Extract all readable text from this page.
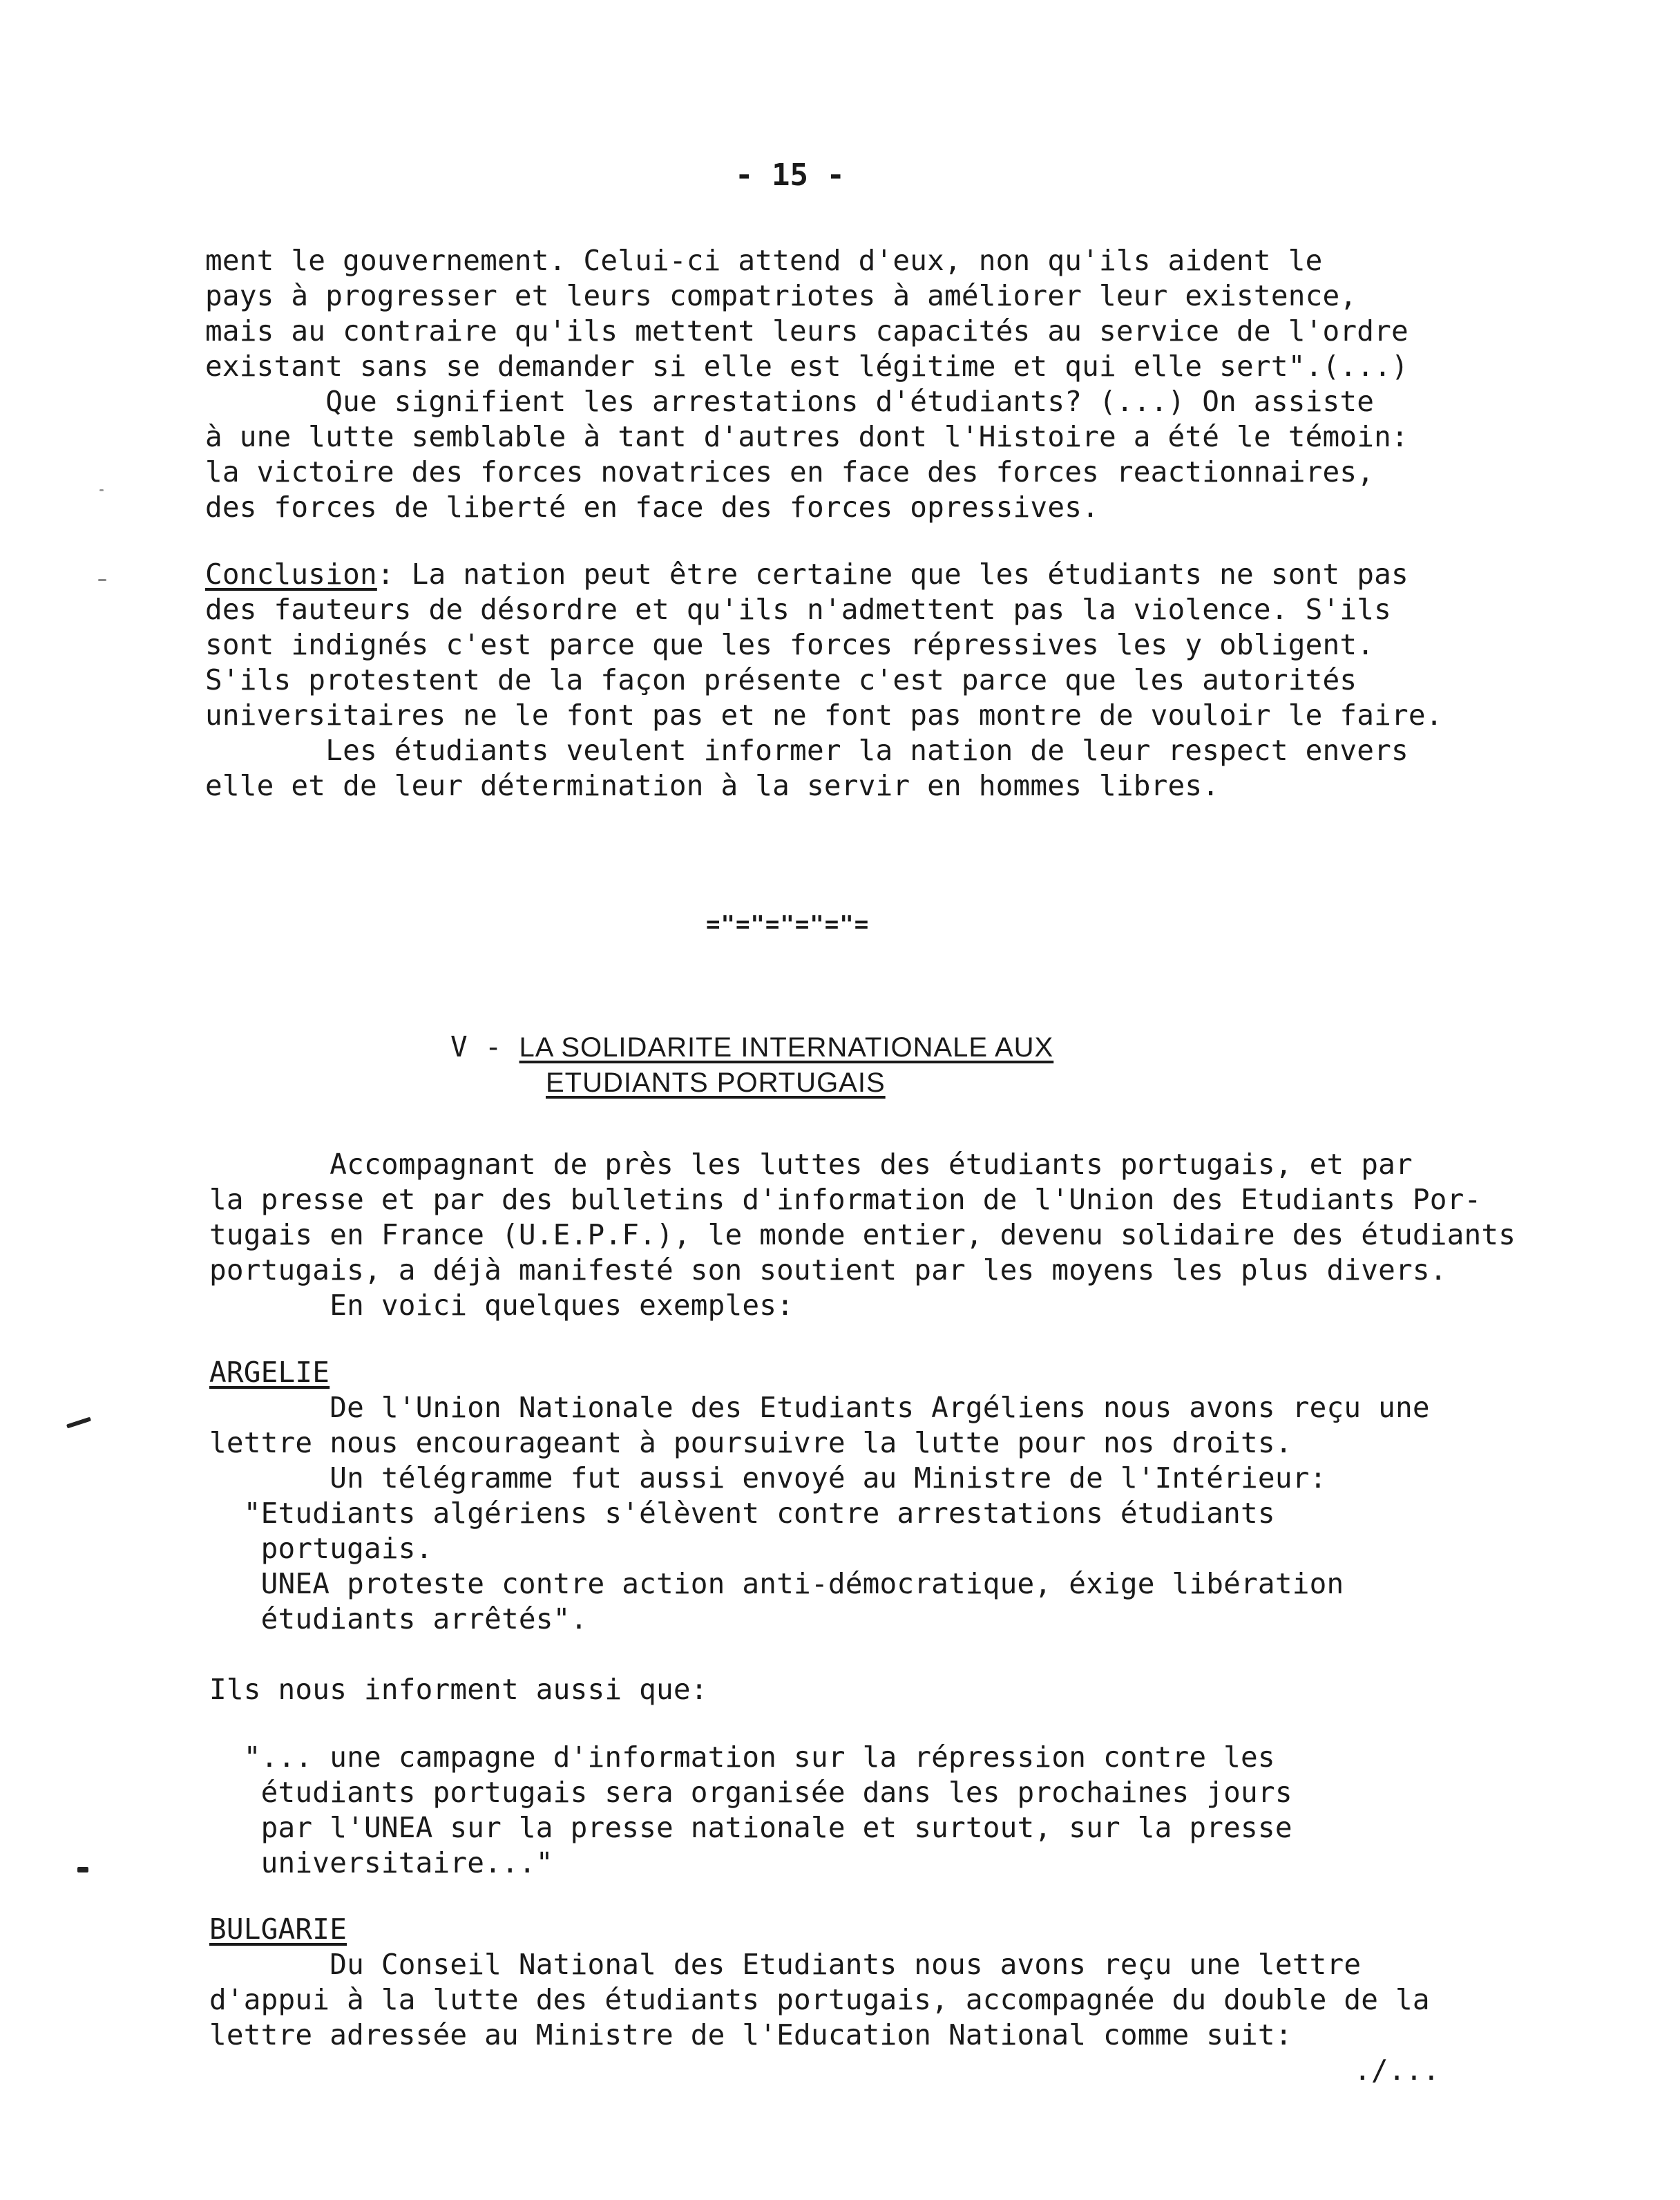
- 15 -
ment le gouvernement. Celui-ci attend d'eux, non qu'ils aident le
pays à progresser et leurs compatriotes à améliorer leur existence,
mais au contraire qu'ils mettent leurs capacités au service de l'ordre
existant sans se demander si elle est légitime et qui elle sert".(...)
Que signifient les arrestations d'étudiants? (...) On assiste
à une lutte semblable à tant d'autres dont l'Histoire a été le témoin:
la victoire des forces novatrices en face des forces reactionnaires,
des forces de liberté en face des forces opressives.
Conclusion: La nation peut être certaine que les étudiants ne sont pas
des fauteurs de désordre et qu'ils n'admettent pas la violence. S'ils
sont indignés c'est parce que les forces répressives les y obligent.
S'ils protestent de la façon présente c'est parce que les autorités
universitaires ne le font pas et ne font pas montre de vouloir le faire.
Les étudiants veulent informer la nation de leur respect envers
elle et de leur détermination à la servir en hommes libres.
="="="="="=
V - LA SOLIDARITE INTERNATIONALE AUX
ETUDIANTS PORTUGAIS
Accompagnant de près les luttes des étudiants portugais, et par
la presse et par des bulletins d'information de l'Union des Etudiants Por-
tugais en France (U.E.P.F.), le monde entier, devenu solidaire des étudiants
portugais, a déjà manifesté son soutient par les moyens les plus divers.
En voici quelques exemples:
ARGELIE
De l'Union Nationale des Etudiants Argéliens nous avons reçu une
lettre nous encourageant à poursuivre la lutte pour nos droits.
Un télégramme fut aussi envoyé au Ministre de l'Intérieur:
"Etudiants algériens s'élèvent contre arrestations étudiants
portugais.
UNEA proteste contre action anti-démocratique, éxige libération
étudiants arrêtés".
Ils nous informent aussi que:
"... une campagne d'information sur la répression contre les
étudiants portugais sera organisée dans les prochaines jours
par l'UNEA sur la presse nationale et surtout, sur la presse
universitaire..."
BULGARIE
Du Conseil National des Etudiants nous avons reçu une lettre
d'appui à la lutte des étudiants portugais, accompagnée du double de la
lettre adressée au Ministre de l'Education National comme suit:
./...
